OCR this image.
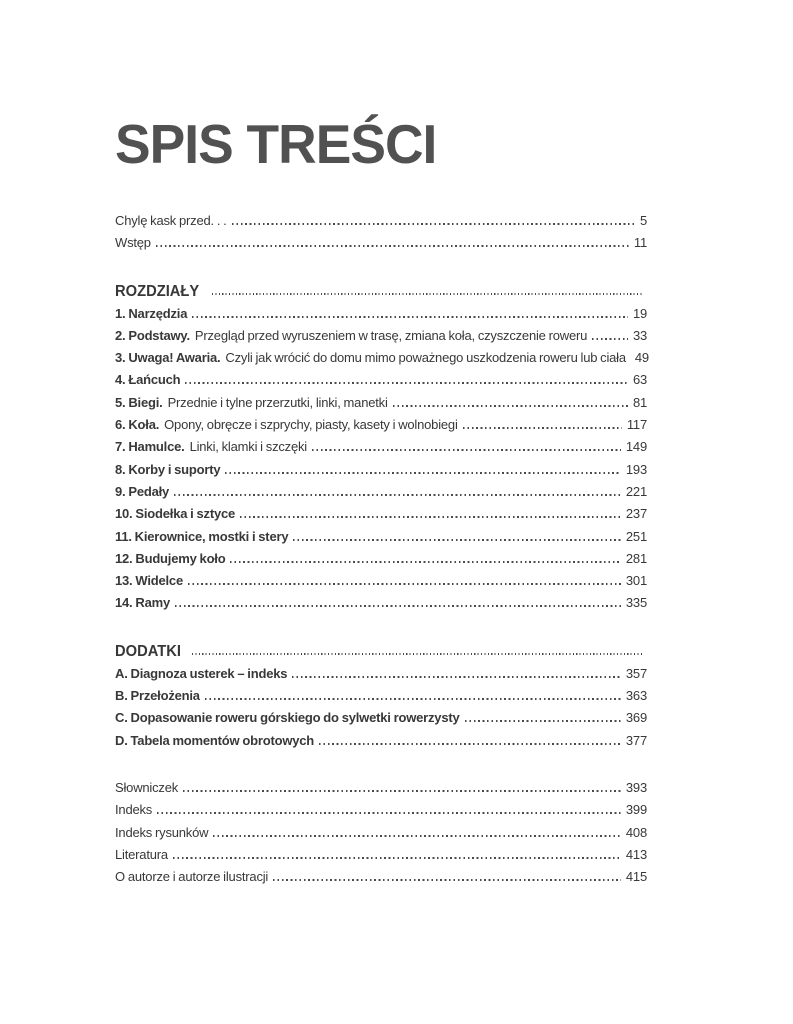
SPIS TREŚCI
Chylę kask przed. . .	5
Wstęp	11
ROZDZIAŁY
1. Narzędzia	19
2. Podstawy. Przegląd przed wyruszeniem w trasę, zmiana koła, czyszczenie roweru	33
3. Uwaga! Awaria. Czyli jak wrócić do domu mimo poważnego uszkodzenia roweru lub ciała 49
4. Łańcuch	63
5. Biegi. Przednie i tylne przerzutki, linki, manetki	81
6. Koła. Opony, obręcze i szprychy, piasty, kasety i wolnobiegi	117
7. Hamulce. Linki, klamki i szczęki	149
8. Korby i suporty	193
9. Pedały	221
10. Siodełka i sztyce	237
11. Kierownice, mostki i stery	251
12. Budujemy koło	281
13. Widelce	301
14. Ramy	335
DODATKI
A. Diagnoza usterek – indeks	357
B. Przełożenia	363
C. Dopasowanie roweru górskiego do sylwetki rowerzysty	369
D. Tabela momentów obrotowych	377
Słowniczek	393
Indeks	399
Indeks rysunków	408
Literatura	413
O autorze i autorze ilustracji	415
